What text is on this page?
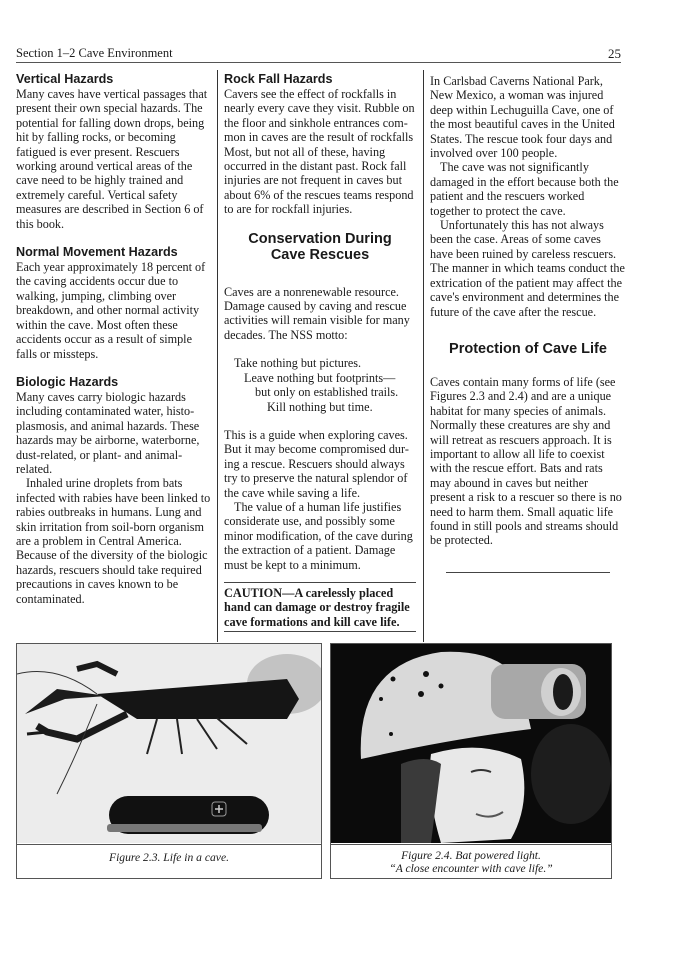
Section 1–2 Cave Environment	25
Vertical Hazards

Many caves have vertical passages that present their own special hazards. The potential for falling down drops, being hit by falling rocks, or becoming fatigued is ever present. Rescuers working around vertical areas of the cave need to be highly trained and extremely careful. Vertical safety measures are described in Section 6 of this book.

Normal Movement Hazards

Each year approximately 18 percent of the caving accidents occur due to walking, jumping, climbing over breakdown, and other normal activity within the cave. Most often these accidents occur as a result of simple falls or missteps.

Biologic Hazards

Many caves carry biologic hazards including contaminated water, histo-plasmosis, and animal hazards. These hazards may be airborne, waterborne, dust-related, or plant- and animal-related.

Inhaled urine droplets from bats infected with rabies have been linked to rabies outbreaks in humans. Lung and skin irritation from soil-born organism are a problem in Central America. Because of the diversity of the biologic hazards, rescuers should take required precautions in caves known to be contaminated.

Rock Fall Hazards

Cavers see the effect of rockfalls in nearly every cave they visit. Rubble on the floor and sinkhole entrances com-mon in caves are the result of rockfalls Most, but not all of these, having occurred in the distant past. Rock fall injuries are not frequent in caves but about 6% of the rescues teams respond to are for rockfall injuries.

Conservation During
Cave Rescues

Caves are a nonrenewable resource. Damage caused by caving and rescue activities will remain visible for many decades. The NSS motto:

Take nothing but pictures.
Leave nothing but footprints—
but only on established trails.
Kill nothing but time.

This is a guide when exploring caves. But it may become compromised dur-ing a rescue. Rescuers should always try to preserve the natural splendor of the cave while saving a life.

The value of a human life justifies considerate use, and possibly some minor modification, of the cave during the extraction of a patient. Damage must be kept to a minimum.

CAUTION—A carelessly placed hand can damage or destroy fragile cave formations and kill cave life.

In Carlsbad Caverns National Park, New Mexico, a woman was injured deep within Lechuguilla Cave, one of the most beautiful caves in the United States. The rescue took four days and involved over 100 people.

The cave was not significantly damaged in the effort because both the patient and the rescuers worked together to protect the cave.

Unfortunately this has not always been the case. Areas of some caves have been ruined by careless rescuers. The manner in which teams conduct the extrication of the patient may affect the cave's environment and determines the future of the cave after the rescue.

Protection of Cave Life

Caves contain many forms of life (see Figures 2.3 and 2.4) and are a unique habitat for many species of animals. Normally these creatures are shy and will retreat as rescuers approach. It is important to allow all life to coexist with the rescue effort. Bats and rats may abound in caves but neither present a risk to a rescuer so there is no need to harm them. Small aquatic life found in still pools and streams should be protected.

Figure 2.3. Life in a cave.	Figure 2.4. Bat powered light.
“A close encounter with cave life.”
